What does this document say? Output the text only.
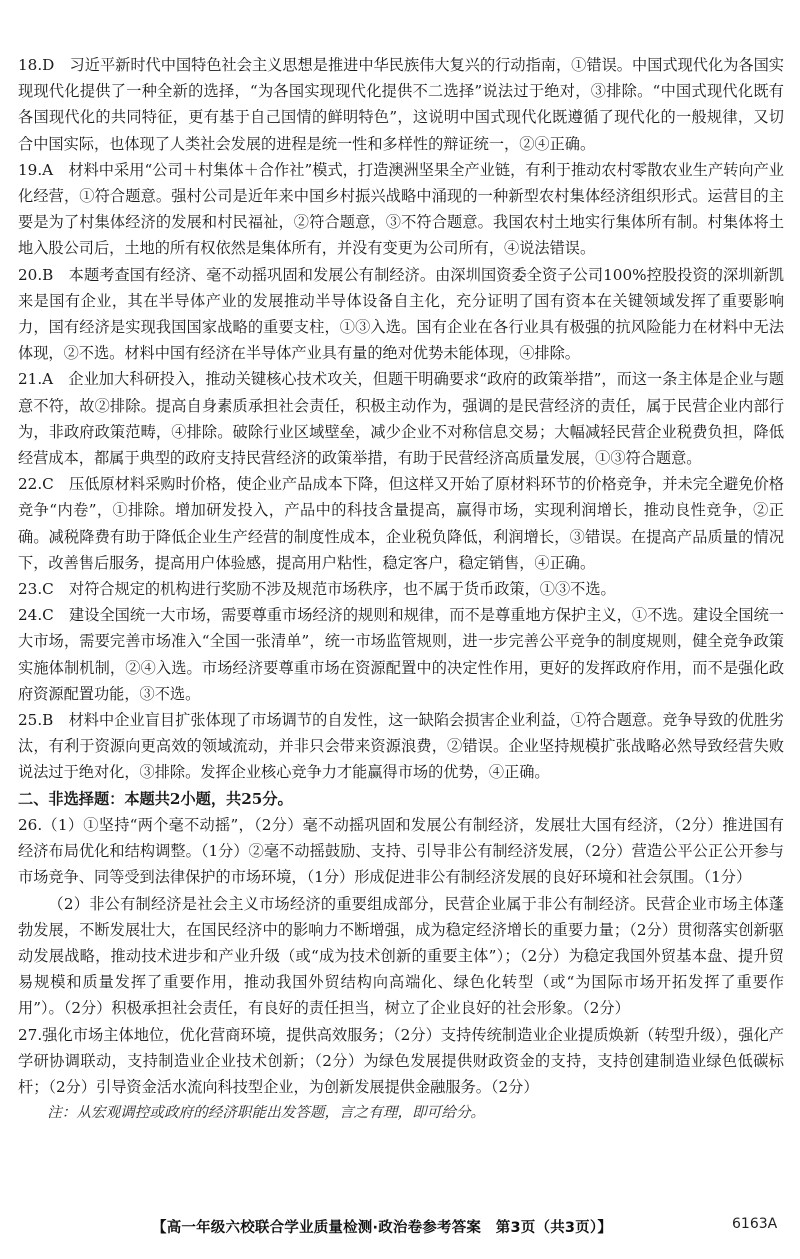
18.D　习近平新时代中国特色社会主义思想是推进中华民族伟大复兴的行动指南，①错误。中国式现代化为各国实现现代化提供了一种全新的选择，“为各国实现现代化提供不二选择”说法过于绝对，③排除。“中国式现代化既有各国现代化的共同特征，更有基于自己国情的鲜明特色”，这说明中国式现代化既遵循了现代化的一般规律，又切合中国实际，也体现了人类社会发展的进程是统一性和多样性的辩证统一，②④正确。

19.A　材料中采用“公司＋村集体＋合作社”模式，打造澳洲坚果全产业链，有利于推动农村零散农业生产转向产业化经营，①符合题意。强村公司是近年来中国乡村振兴战略中涌现的一种新型农村集体经济组织形式。运营目的主要是为了村集体经济的发展和村民福祉，②符合题意，③不符合题意。我国农村土地实行集体所有制。村集体将土地入股公司后，土地的所有权依然是集体所有，并没有变更为公司所有，④说法错误。

20.B　本题考查国有经济、毫不动摇巩固和发展公有制经济。由深圳国资委全资子公司100%控股投资的深圳新凯来是国有企业，其在半导体产业的发展推动半导体设备自主化，充分证明了国有资本在关键领域发挥了重要影响力，国有经济是实现我国国家战略的重要支柱，①③入选。国有企业在各行业具有极强的抗风险能力在材料中无法体现，②不选。材料中国有经济在半导体产业具有量的绝对优势未能体现，④排除。

21.A　企业加大科研投入，推动关键核心技术攻关，但题干明确要求“政府的政策举措”，而这一条主体是企业与题意不符，故②排除。提高自身素质承担社会责任，积极主动作为，强调的是民营经济的责任，属于民营企业内部行为，非政府政策范畴，④排除。破除行业区域壁垒，减少企业不对称信息交易；大幅减轻民营企业税费负担，降低经营成本，都属于典型的政府支持民营经济的政策举措，有助于民营经济高质量发展，①③符合题意。

22.C　压低原材料采购时价格，使企业产品成本下降，但这样又开始了原材料环节的价格竞争，并未完全避免价格竞争“内卷”，①排除。增加研发投入，产品中的科技含量提高，赢得市场，实现利润增长，推动良性竞争，②正确。减税降费有助于降低企业生产经营的制度性成本，企业税负降低，利润增长，③错误。在提高产品质量的情况下，改善售后服务，提高用户体验感，提高用户粘性，稳定客户，稳定销售，④正确。

23.C　对符合规定的机构进行奖励不涉及规范市场秩序，也不属于货币政策，①③不选。

24.C　建设全国统一大市场，需要尊重市场经济的规则和规律，而不是尊重地方保护主义，①不选。建设全国统一大市场，需要完善市场准入“全国一张清单”，统一市场监管规则，进一步完善公平竞争的制度规则，健全竞争政策实施体制机制，②④入选。市场经济要尊重市场在资源配置中的决定性作用，更好的发挥政府作用，而不是强化政府资源配置功能，③不选。

25.B　材料中企业盲目扩张体现了市场调节的自发性，这一缺陷会损害企业利益，①符合题意。竞争导致的优胜劣汰，有利于资源向更高效的领域流动，并非只会带来资源浪费，②错误。企业坚持规模扩张战略必然导致经营失败说法过于绝对化，③排除。发挥企业核心竞争力才能赢得市场的优势，④正确。

二、非选择题：本题共2小题，共25分。

26.（1）①坚持“两个毫不动摇”，（2分）毫不动摇巩固和发展公有制经济，发展壮大国有经济，（2分）推进国有经济布局优化和结构调整。（1分）②毫不动摇鼓励、支持、引导非公有制经济发展，（2分）营造公平公正公开参与市场竞争、同等受到法律保护的市场环境，（1分）形成促进非公有制经济发展的良好环境和社会氛围。（1分）

（2）非公有制经济是社会主义市场经济的重要组成部分，民营企业属于非公有制经济。民营企业市场主体蓬勃发展，不断发展壮大，在国民经济中的影响力不断增强，成为稳定经济增长的重要力量；（2分）贯彻落实创新驱动发展战略，推动技术进步和产业升级（或“成为技术创新的重要主体”）；（2分）为稳定我国外贸基本盘、提升贸易规模和质量发挥了重要作用，推动我国外贸结构向高端化、绿色化转型（或“为国际市场开拓发挥了重要作用”）。（2分）积极承担社会责任，有良好的责任担当，树立了企业良好的社会形象。（2分）

27.强化市场主体地位，优化营商环境，提供高效服务；（2分）支持传统制造业企业提质焕新（转型升级），强化产学研协调联动，支持制造业企业技术创新；（2分）为绿色发展提供财政资金的支持，支持创建制造业绿色低碳标杆；（2分）引导资金活水流向科技型企业，为创新发展提供金融服务。（2分）

注：从宏观调控或政府的经济职能出发答题，言之有理，即可给分。

【高一年级六校联合学业质量检测·政治卷参考答案　第3页（共3页）】	6163A
